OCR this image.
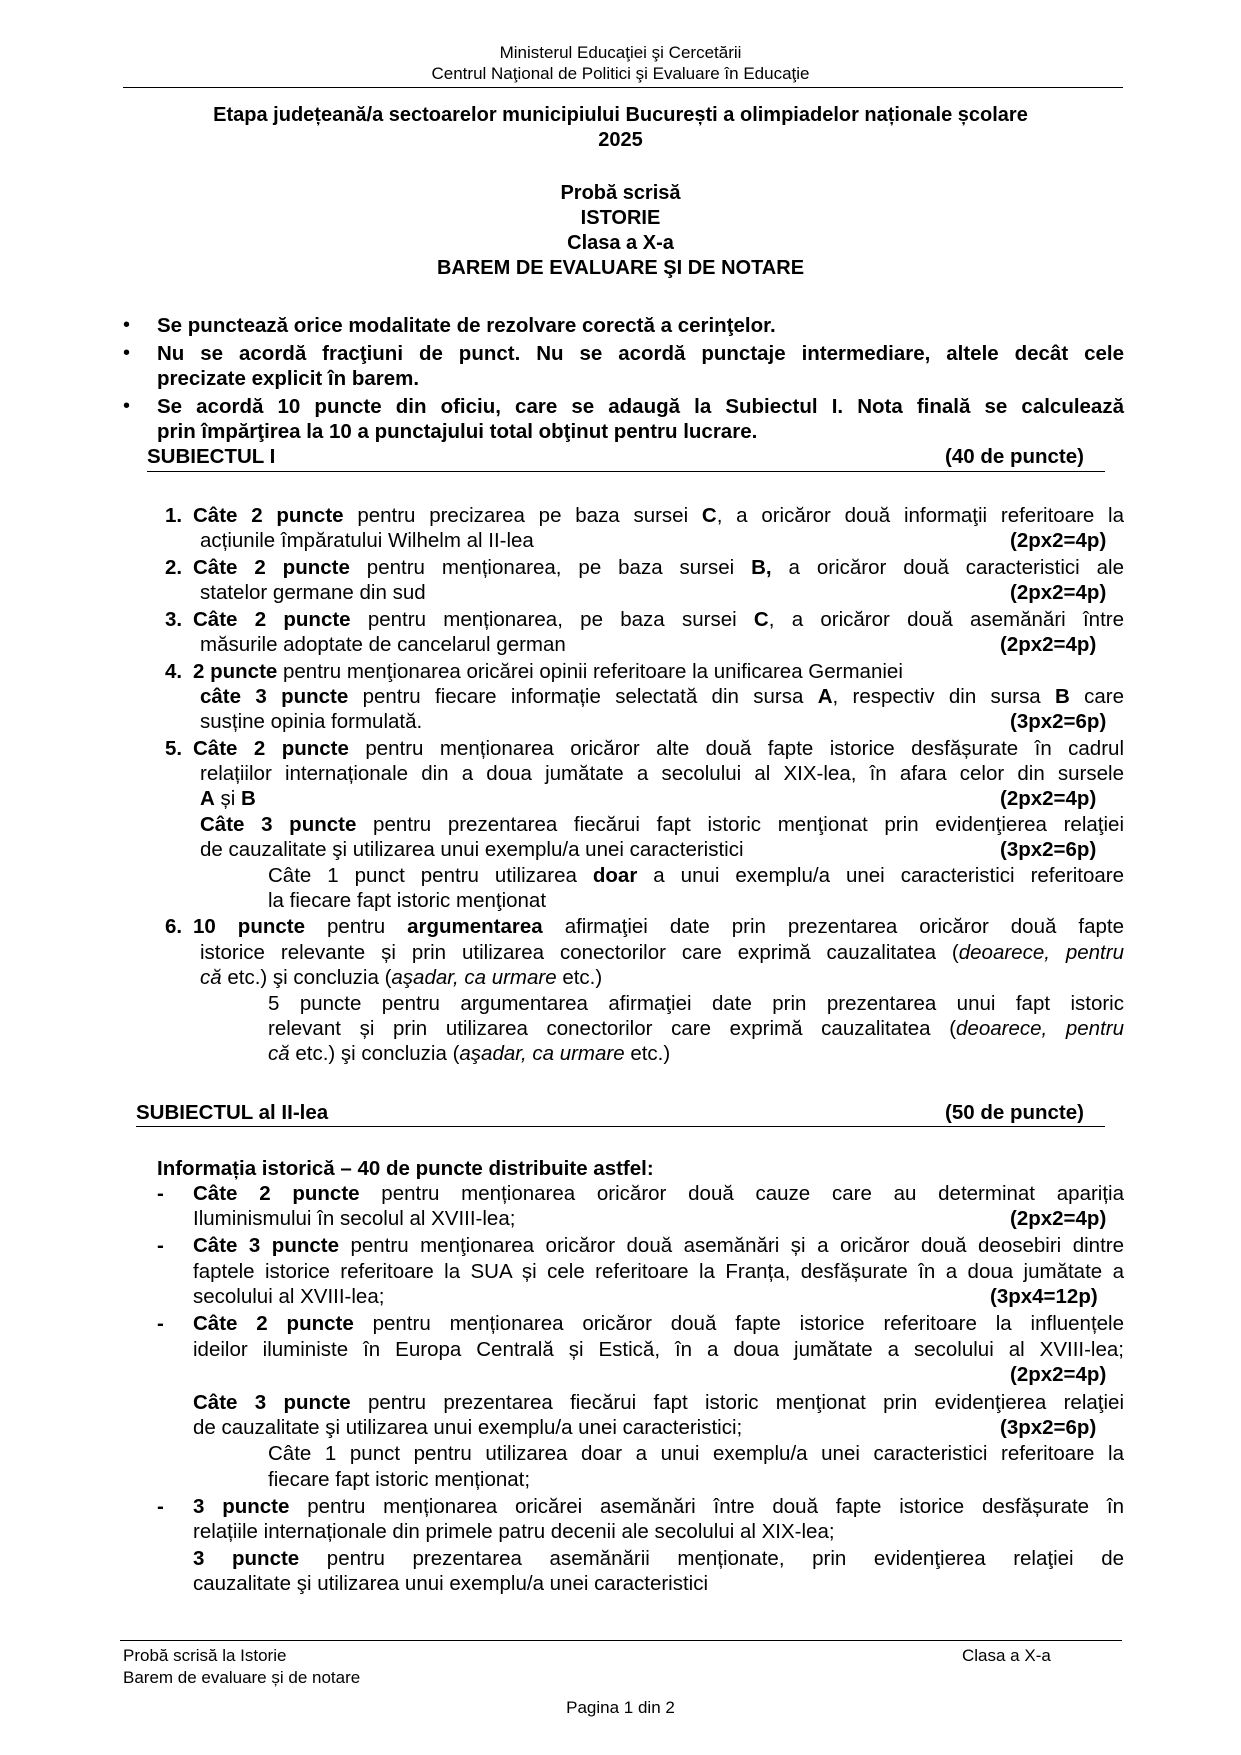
Ministerul Educaţiei şi Cercetării
Centrul Naţional de Politici şi Evaluare în Educaţie
Etapa județeană/a sectoarelor municipiului București a olimpiadelor naționale școlare
2025
Probă scrisă
ISTORIE
Clasa a X-a
BAREM DE EVALUARE ŞI DE NOTARE
• Se punctează orice modalitate de rezolvare corectă a cerinţelor.
• Nu se acordă fracţiuni de punct. Nu se acordă punctaje intermediare, altele decât cele
precizate explicit în barem.
• Se acordă 10 puncte din oficiu, care se adaugă la Subiectul I. Nota finală se calculează
prin împărţirea la 10 a punctajului total obţinut pentru lucrare.
SUBIECTUL I	(40 de puncte)
1. Câte 2 puncte pentru precizarea pe baza sursei C, a oricăror două informaţii referitoare la
acțiunile împăratului Wilhelm al II-lea	(2px2=4p)
2. Câte 2 puncte pentru menționarea, pe baza sursei B, a oricăror două caracteristici ale
statelor germane din sud	(2px2=4p)
3. Câte 2 puncte pentru menționarea, pe baza sursei C, a oricăror două asemănări între
măsurile adoptate de cancelarul german	(2px2=4p)
4. 2 puncte pentru menţionarea oricărei opinii referitoare la unificarea Germaniei
câte 3 puncte pentru fiecare informație selectată din sursa A, respectiv din sursa B care
susține opinia formulată.	(3px2=6p)
5. Câte 2 puncte pentru menționarea oricăror alte două fapte istorice desfășurate în cadrul
relațiilor internaționale din a doua jumătate a secolului al XIX-lea, în afara celor din sursele
A și B	(2px2=4p)
Câte 3 puncte pentru prezentarea fiecărui fapt istoric menţionat prin evidenţierea relaţiei
de cauzalitate şi utilizarea unui exemplu/a unei caracteristici	(3px2=6p)
Câte 1 punct pentru utilizarea doar a unui exemplu/a unei caracteristici referitoare
la fiecare fapt istoric menţionat
6. 10 puncte pentru argumentarea afirmaţiei date prin prezentarea oricăror două fapte
istorice relevante și prin utilizarea conectorilor care exprimă cauzalitatea (deoarece, pentru
că etc.) şi concluzia (aşadar, ca urmare etc.)
5 puncte pentru argumentarea afirmaţiei date prin prezentarea unui fapt istoric
relevant și prin utilizarea conectorilor care exprimă cauzalitatea (deoarece, pentru
că etc.) şi concluzia (aşadar, ca urmare etc.)
SUBIECTUL al II-lea	(50 de puncte)
Informația istorică – 40 de puncte distribuite astfel:
- Câte 2 puncte pentru menționarea oricăror două cauze care au determinat apariția
Iluminismului în secolul al XVIII-lea;	(2px2=4p)
- Câte 3 puncte pentru menţionarea oricăror două asemănări și a oricăror două deosebiri dintre
faptele istorice referitoare la SUA și cele referitoare la Franța, desfășurate în a doua jumătate a
secolului al XVIII-lea;	(3px4=12p)
- Câte 2 puncte pentru menționarea oricăror două fapte istorice referitoare la influențele
ideilor iluministe în Europa Centrală și Estică, în a doua jumătate a secolului al XVIII-lea;
(2px2=4p)
Câte 3 puncte pentru prezentarea fiecărui fapt istoric menţionat prin evidenţierea relaţiei
de cauzalitate şi utilizarea unui exemplu/a unei caracteristici;	(3px2=6p)
Câte 1 punct pentru utilizarea doar a unui exemplu/a unei caracteristici referitoare la
fiecare fapt istoric menționat;
- 3 puncte pentru menționarea oricărei asemănări între două fapte istorice desfășurate în
relațiile internaționale din primele patru decenii ale secolului al XIX-lea;
3 puncte pentru prezentarea asemănării menționate, prin evidenţierea relaţiei de
cauzalitate şi utilizarea unui exemplu/a unei caracteristici
Probă scrisă la Istorie
Barem de evaluare și de notare
Clasa a X-a
Pagina 1 din 2
